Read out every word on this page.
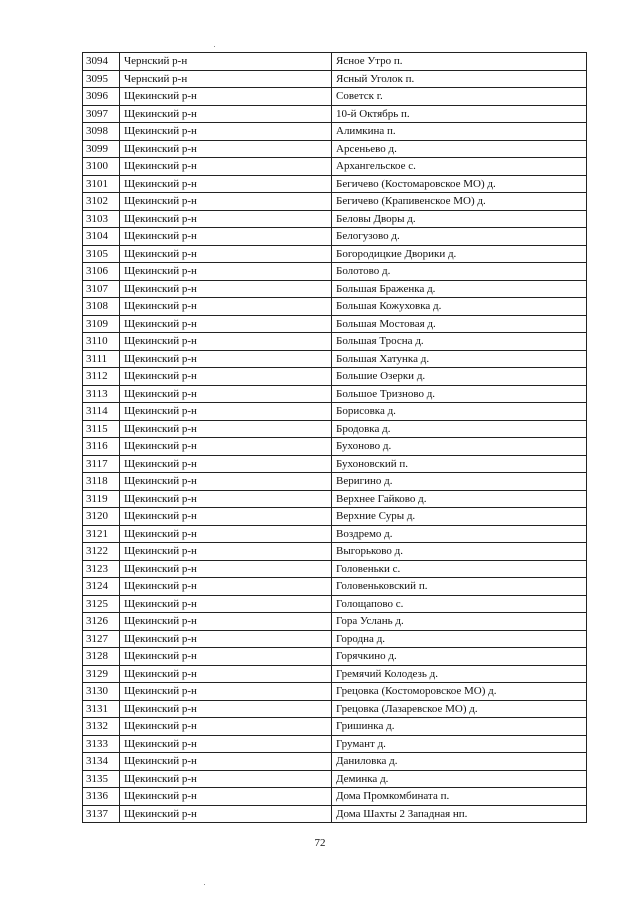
3094	Чернский р-н	Ясное Утро п.
3095	Чернский р-н	Ясный Уголок п.
3096	Щекинский р-н	Советск г.
3097	Щекинский р-н	10-й Октябрь п.
3098	Щекинский р-н	Алимкина п.
3099	Щекинский р-н	Арсеньево д.
3100	Щекинский р-н	Архангельское с.
3101	Щекинский р-н	Бегичево (Костомаровское МО) д.
3102	Щекинский р-н	Бегичево (Крапивенское МО) д.
3103	Щекинский р-н	Беловы Дворы д.
3104	Щекинский р-н	Белогузово д.
3105	Щекинский р-н	Богородицкие Дворики д.
3106	Щекинский р-н	Болотово д.
3107	Щекинский р-н	Большая Браженка д.
3108	Щекинский р-н	Большая Кожуховка д.
3109	Щекинский р-н	Большая Мостовая д.
3110	Щекинский р-н	Большая Тросна д.
3111	Щекинский р-н	Большая Хатунка д.
3112	Щекинский р-н	Большие Озерки д.
3113	Щекинский р-н	Большое Тризново д.
3114	Щекинский р-н	Борисовка д.
3115	Щекинский р-н	Бродовка д.
3116	Щекинский р-н	Бухоново д.
3117	Щекинский р-н	Бухоновский п.
3118	Щекинский р-н	Веригино д.
3119	Щекинский р-н	Верхнее Гайково д.
3120	Щекинский р-н	Верхние Суры д.
3121	Щекинский р-н	Воздремо д.
3122	Щекинский р-н	Выгорьково д.
3123	Щекинский р-н	Головеньки с.
3124	Щекинский р-н	Головеньковский п.
3125	Щекинский р-н	Голощапово с.
3126	Щекинский р-н	Гора Услань д.
3127	Щекинский р-н	Городна д.
3128	Щекинский р-н	Горячкино д.
3129	Щекинский р-н	Гремячий Колодезь д.
3130	Щекинский р-н	Грецовка (Костоморовское МО) д.
3131	Щекинский р-н	Грецовка (Лазаревское МО) д.
3132	Щекинский р-н	Гришинка д.
3133	Щекинский р-н	Грумант д.
3134	Щекинский р-н	Даниловка д.
3135	Щекинский р-н	Деминка д.
3136	Щекинский р-н	Дома Промкомбината п.
3137	Щекинский р-н	Дома Шахты 2 Западная нп.
72
